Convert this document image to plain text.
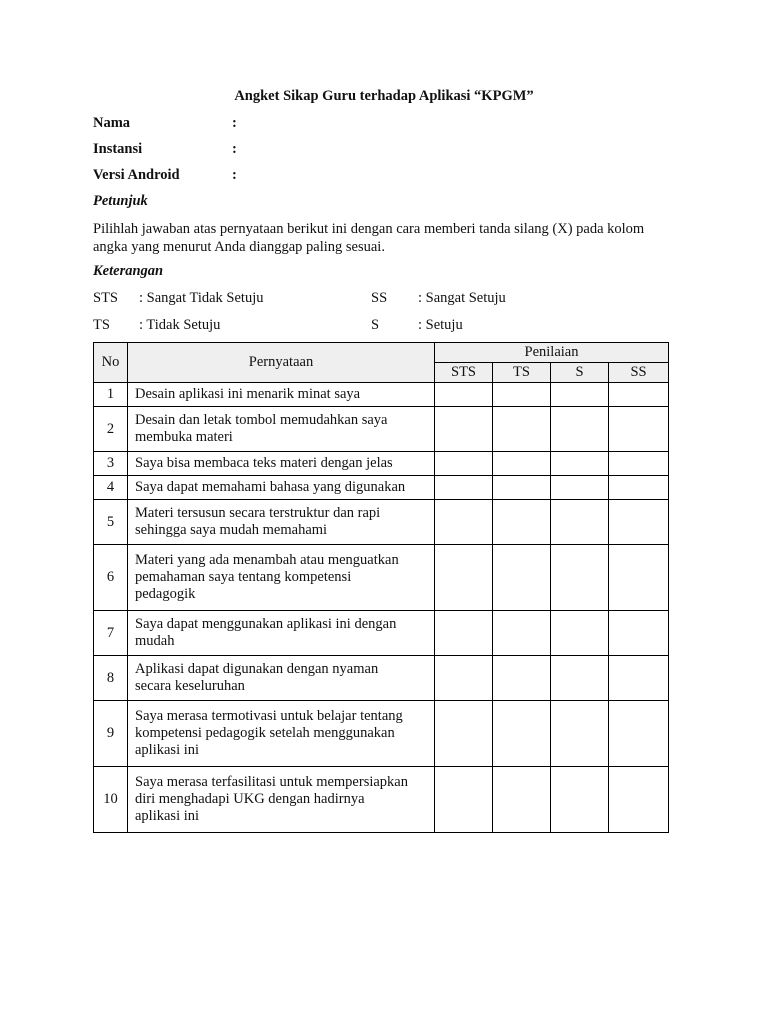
Angket Sikap Guru terhadap Aplikasi “KPGM”
Nama	:
Instansi	:
Versi Android	:
Petunjuk
Pilihlah jawaban atas pernyataan berikut ini dengan cara memberi tanda silang (X) pada kolom angka yang menurut Anda dianggap paling sesuai.
Keterangan
STS : Sangat Tidak Setuju	SS : Sangat Setuju
TS : Tidak Setuju	S	: Setuju
No	Pernyataan	Penilaian			
		STS	TS	S	SS
1	Desain aplikasi ini menarik minat saya				

2	Desain dan letak tombol memudahkan saya
membuka materi				

3	Saya bisa membaca teks materi dengan jelas				

4	Saya dapat memahami bahasa yang digunakan				

5	Materi tersusun secara terstruktur dan rapi
sehingga saya mudah memahami				

6	Materi yang ada menambah atau menguatkan
pemahaman saya tentang kompetensi
pedagogik				

7	Saya dapat menggunakan aplikasi ini dengan
mudah				

8	Aplikasi dapat digunakan dengan nyaman
secara keseluruhan				

9	Saya merasa termotivasi untuk belajar tentang
kompetensi pedagogik setelah menggunakan
aplikasi ini				

10	Saya merasa terfasilitasi untuk mempersiapkan
diri menghadapi UKG dengan hadirnya
aplikasi ini				
